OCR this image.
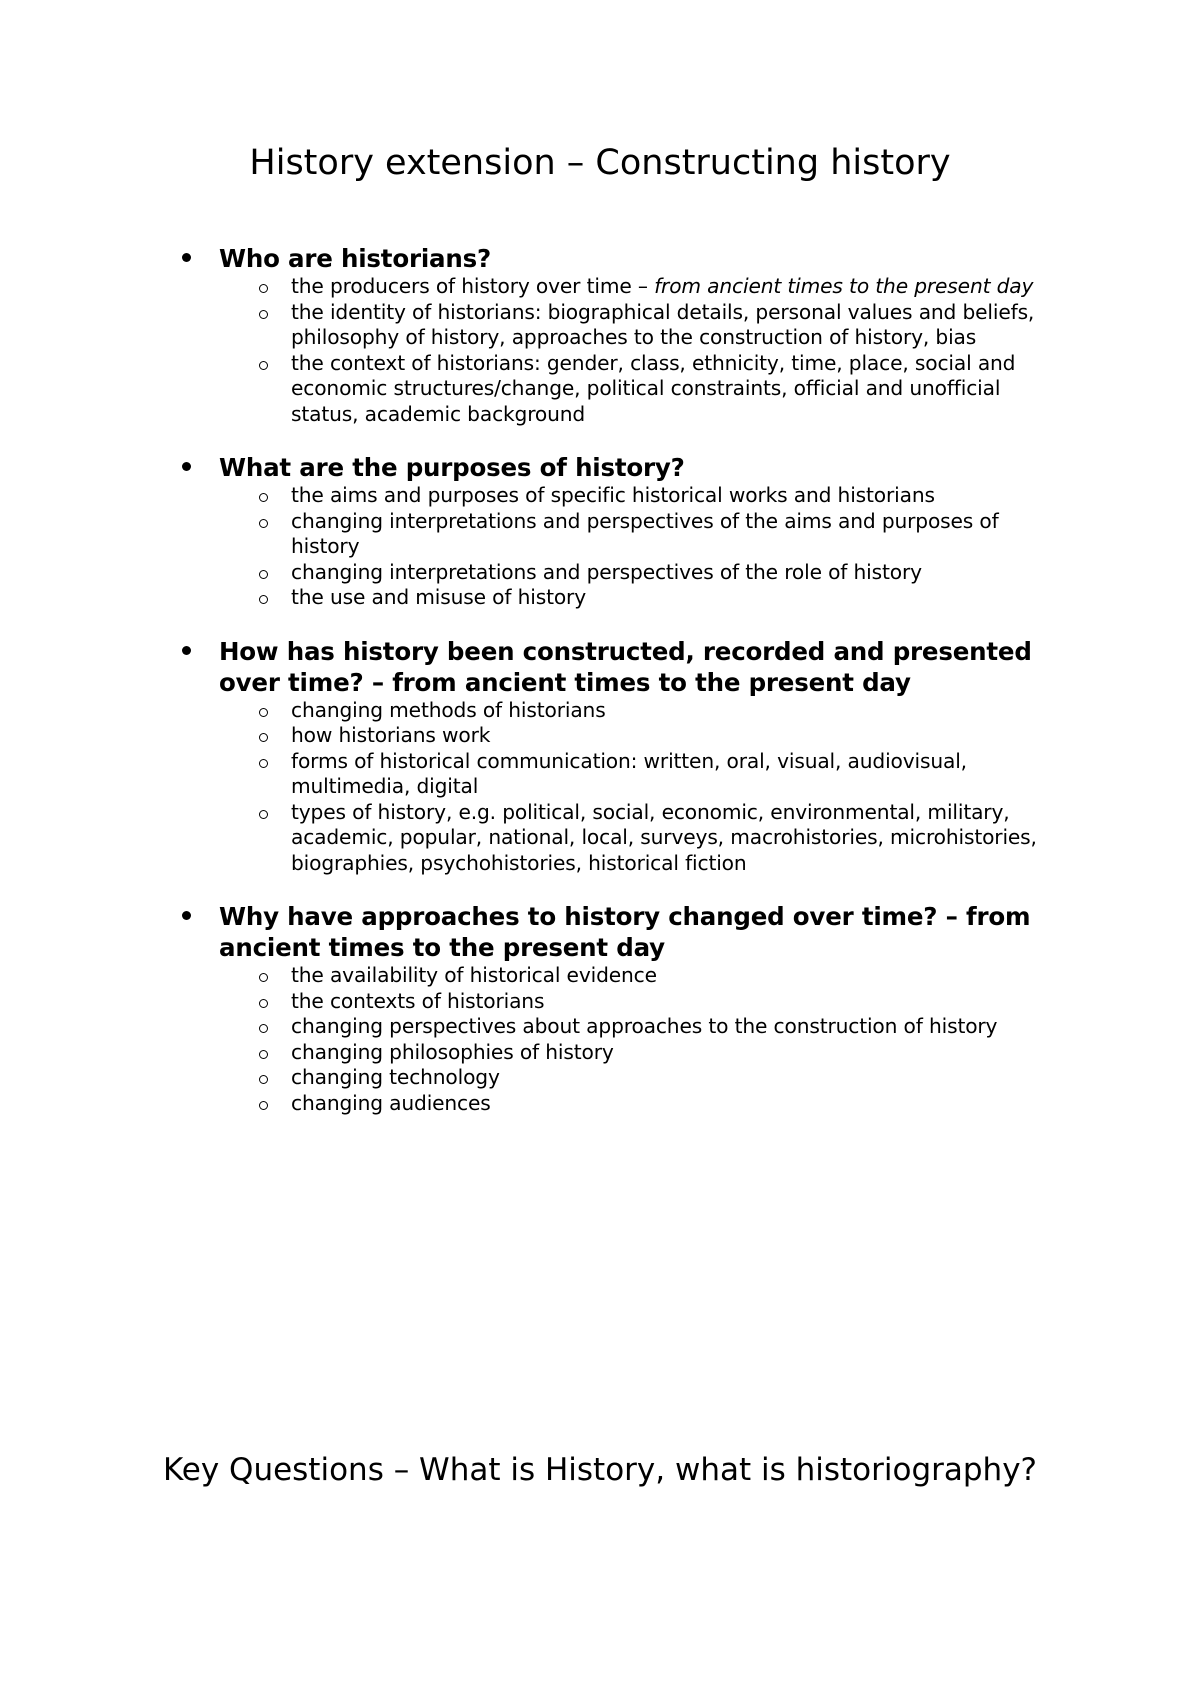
History extension – Constructing history

Who are historians?

the producers of history over time – from ancient times to the present day
the identity of historians: biographical details, personal values and beliefs, philosophy of history, approaches to the construction of history, bias
the context of historians: gender, class, ethnicity, time, place, social and economic structures/change, political constraints, official and unofficial status, academic background

What are the purposes of history?

the aims and purposes of specific historical works and historians
changing interpretations and perspectives of the aims and purposes of history
changing interpretations and perspectives of the role of history
the use and misuse of history

How has history been constructed, recorded and presented over time? – from ancient times to the present day

changing methods of historians
how historians work
forms of historical communication: written, oral, visual, audiovisual, multimedia, digital
types of history, e.g. political, social, economic, environmental, military, academic, popular, national, local, surveys, macrohistories, microhistories, biographies, psychohistories, historical fiction

Why have approaches to history changed over time? – from ancient times to the present day

the availability of historical evidence
the contexts of historians
changing perspectives about approaches to the construction of history
changing philosophies of history
changing technology
changing audiences
Key Questions – What is History, what is historiography?
